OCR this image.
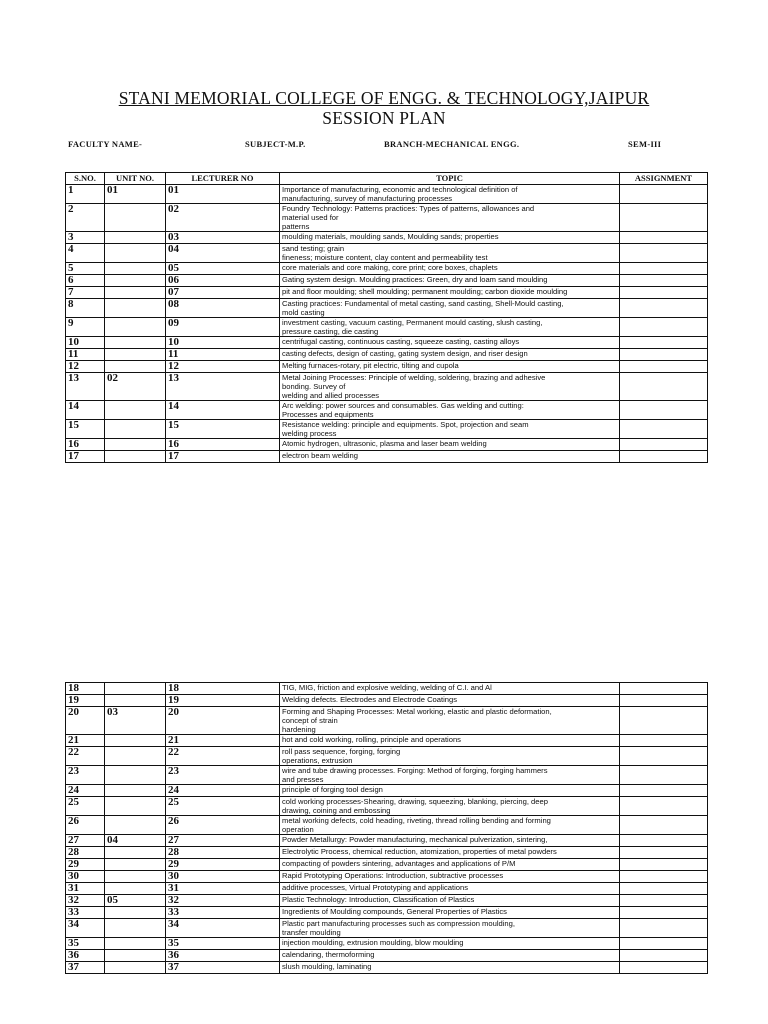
STANI MEMORIAL COLLEGE OF ENGG. & TECHNOLOGY,JAIPUR
SESSION PLAN
FACULTY NAME-	SUBJECT-M.P.	BRANCH-MECHANICAL ENGG.	SEM-III
S.NO.	UNIT NO.	LECTURER NO	TOPIC	ASSIGNMENT
1	01	01	Importance of manufacturing, economic and technological definition of
manufacturing, survey of manufacturing processes	
2		02	Foundry Technology: Patterns practices: Types of patterns, allowances and
material used for
patterns	
3		03	moulding materials, moulding sands, Moulding sands; properties	
4		04	sand testing; grain
fineness; moisture content, clay content and permeability test	
5		05	core materials and core making, core print; core boxes, chaplets	
6		06	Gating system design. Moulding practices: Green, dry and loam sand moulding	
7		07	pit and floor moulding; shell moulding; permanent moulding; carbon dioxide moulding	
8		08	Casting practices: Fundamental of metal casting, sand casting, Shell-Mould casting,
mold casting	
9		09	investment casting, vacuum casting, Permanent mould casting, slush casting,
pressure casting, die casting	
10		10	centrifugal casting, continuous casting, squeeze casting, casting alloys	
11		11	casting defects, design of casting, gating system design, and riser design	
12		12	Melting furnaces-rotary, pit electric, tilting and cupola	
13	02	13	Metal Joining Processes: Principle of welding, soldering, brazing and adhesive
bonding. Survey of
welding and allied processes	
14		14	Arc welding: power sources and consumables. Gas welding and cutting:
Processes and equipments	
15		15	Resistance welding: principle and equipments. Spot, projection and seam
welding process	
16		16	Atomic hydrogen, ultrasonic, plasma and laser beam welding	
17		17	electron beam welding	
18		18	TIG, MIG, friction and explosive welding, welding of C.I. and Al	
19		19	Welding defects. Electrodes and Electrode Coatings	
20	03	20	Forming and Shaping Processes: Metal working, elastic and plastic deformation,
concept of strain
hardening	
21		21	hot and cold working, rolling, principle and operations	
22		22	roll pass sequence, forging, forging
operations, extrusion	
23		23	wire and tube drawing processes. Forging: Method of forging, forging hammers
and presses	
24		24	principle of forging tool design	
25		25	cold working processes-Shearing, drawing, squeezing, blanking, piercing, deep
drawing, coining and embossing	
26		26	metal working defects, cold heading, riveting, thread rolling bending and forming
operation	
27	04	27	Powder Metallurgy: Powder manufacturing, mechanical pulverization, sintering,	
28		28	Electrolytic Process, chemical reduction, atomization, properties of metal powders	
29		29	compacting of powders sintering, advantages and applications of P/M	
30		30	Rapid Prototyping Operations: Introduction, subtractive processes	
31		31	additive processes, Virtual Prototyping and applications	
32	05	32	Plastic Technology: Introduction, Classification of Plastics	
33		33	Ingredients of Moulding compounds, General Properties of Plastics	
34		34	Plastic part manufacturing processes such as compression moulding,
transfer moulding	
35		35	injection moulding, extrusion moulding, blow moulding	
36		36	calendaring, thermoforming	
37		37	slush moulding, laminating	
